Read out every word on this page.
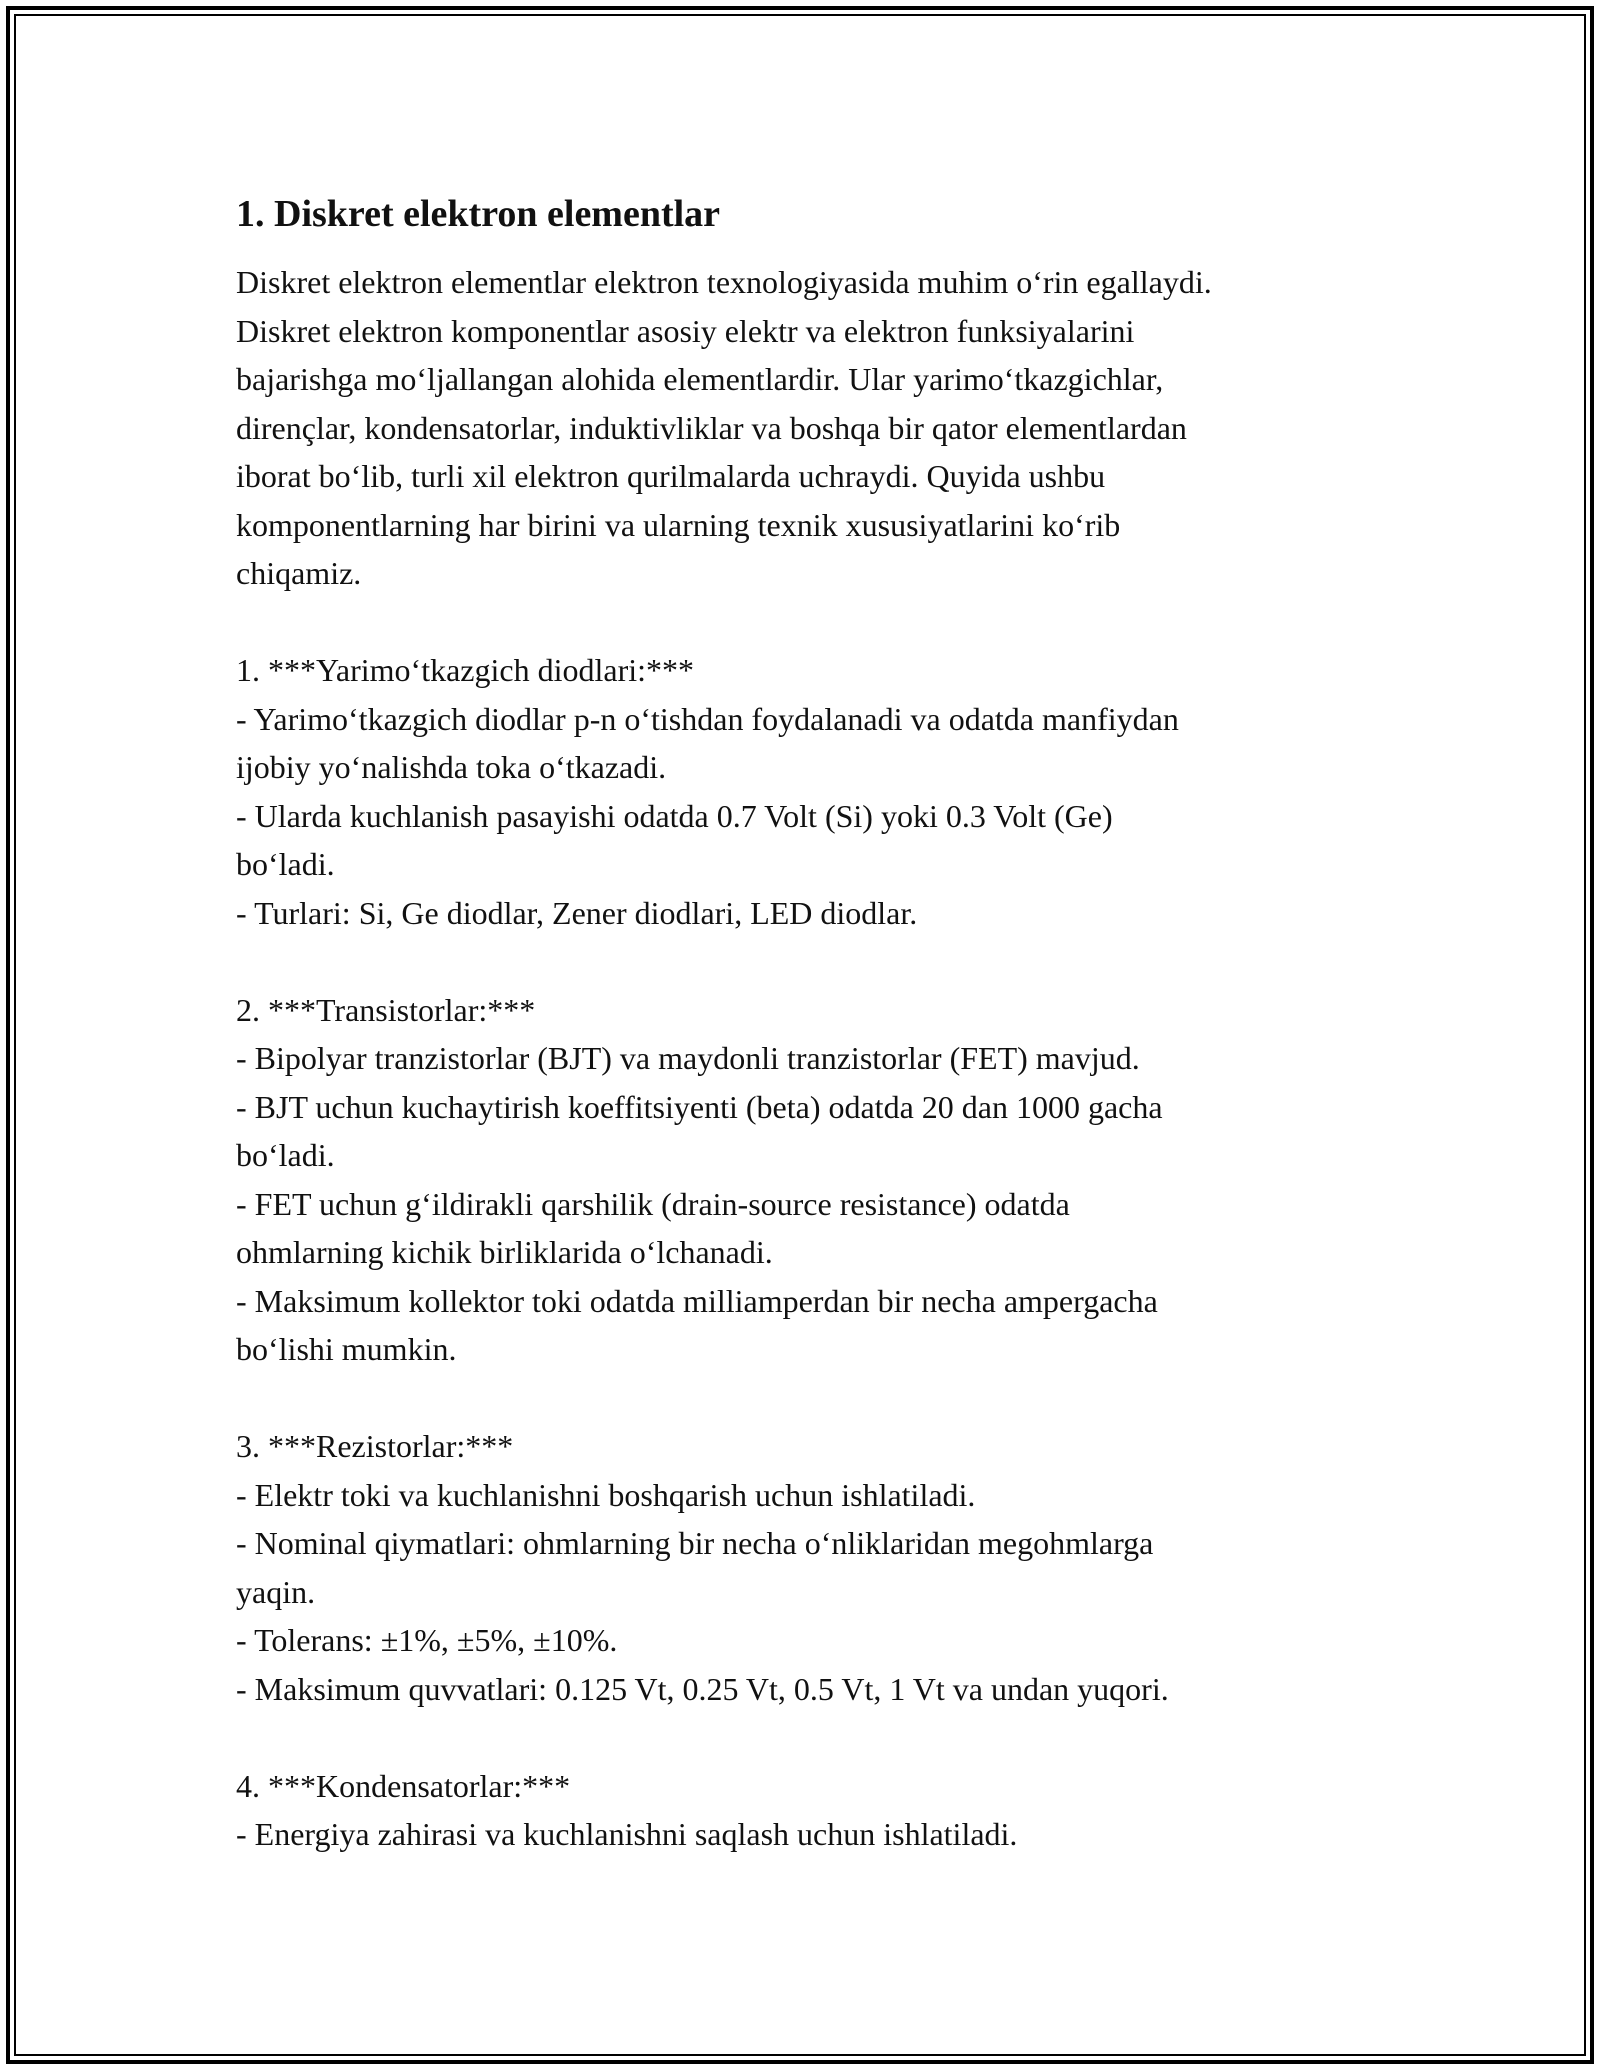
1. Diskret elektron elementlar

Diskret elektron elementlar elektron texnologiyasida muhim o‘rin egallaydi.
Diskret elektron komponentlar asosiy elektr va elektron funksiyalarini
bajarishga mo‘ljallangan alohida elementlardir. Ular yarimo‘tkazgichlar,
dirençlar, kondensatorlar, induktivliklar va boshqa bir qator elementlardan
iborat bo‘lib, turli xil elektron qurilmalarda uchraydi. Quyida ushbu
komponentlarning har birini va ularning texnik xususiyatlarini ko‘rib
chiqamiz.

1. ***Yarimo‘tkazgich diodlari:***
- Yarimo‘tkazgich diodlar p-n o‘tishdan foydalanadi va odatda manfiydan
ijobiy yo‘nalishda toka o‘tkazadi.
- Ularda kuchlanish pasayishi odatda 0.7 Volt (Si) yoki 0.3 Volt (Ge)
bo‘ladi.
- Turlari: Si, Ge diodlar, Zener diodlari, LED diodlar.
2. ***Transistorlar:***
- Bipolyar tranzistorlar (BJT) va maydonli tranzistorlar (FET) mavjud.
- BJT uchun kuchaytirish koeffitsiyenti (beta) odatda 20 dan 1000 gacha
bo‘ladi.
- FET uchun g‘ildirakli qarshilik (drain-source resistance) odatda
ohmlarning kichik birliklarida o‘lchanadi.
- Maksimum kollektor toki odatda milliamperdan bir necha ampergacha
bo‘lishi mumkin.
3. ***Rezistorlar:***
- Elektr toki va kuchlanishni boshqarish uchun ishlatiladi.
- Nominal qiymatlari: ohmlarning bir necha o‘nliklaridan megohmlarga
yaqin.
- Tolerans: ±1%, ±5%, ±10%.
- Maksimum quvvatlari: 0.125 Vt, 0.25 Vt, 0.5 Vt, 1 Vt va undan yuqori.
4. ***Kondensatorlar:***
- Energiya zahirasi va kuchlanishni saqlash uchun ishlatiladi.
